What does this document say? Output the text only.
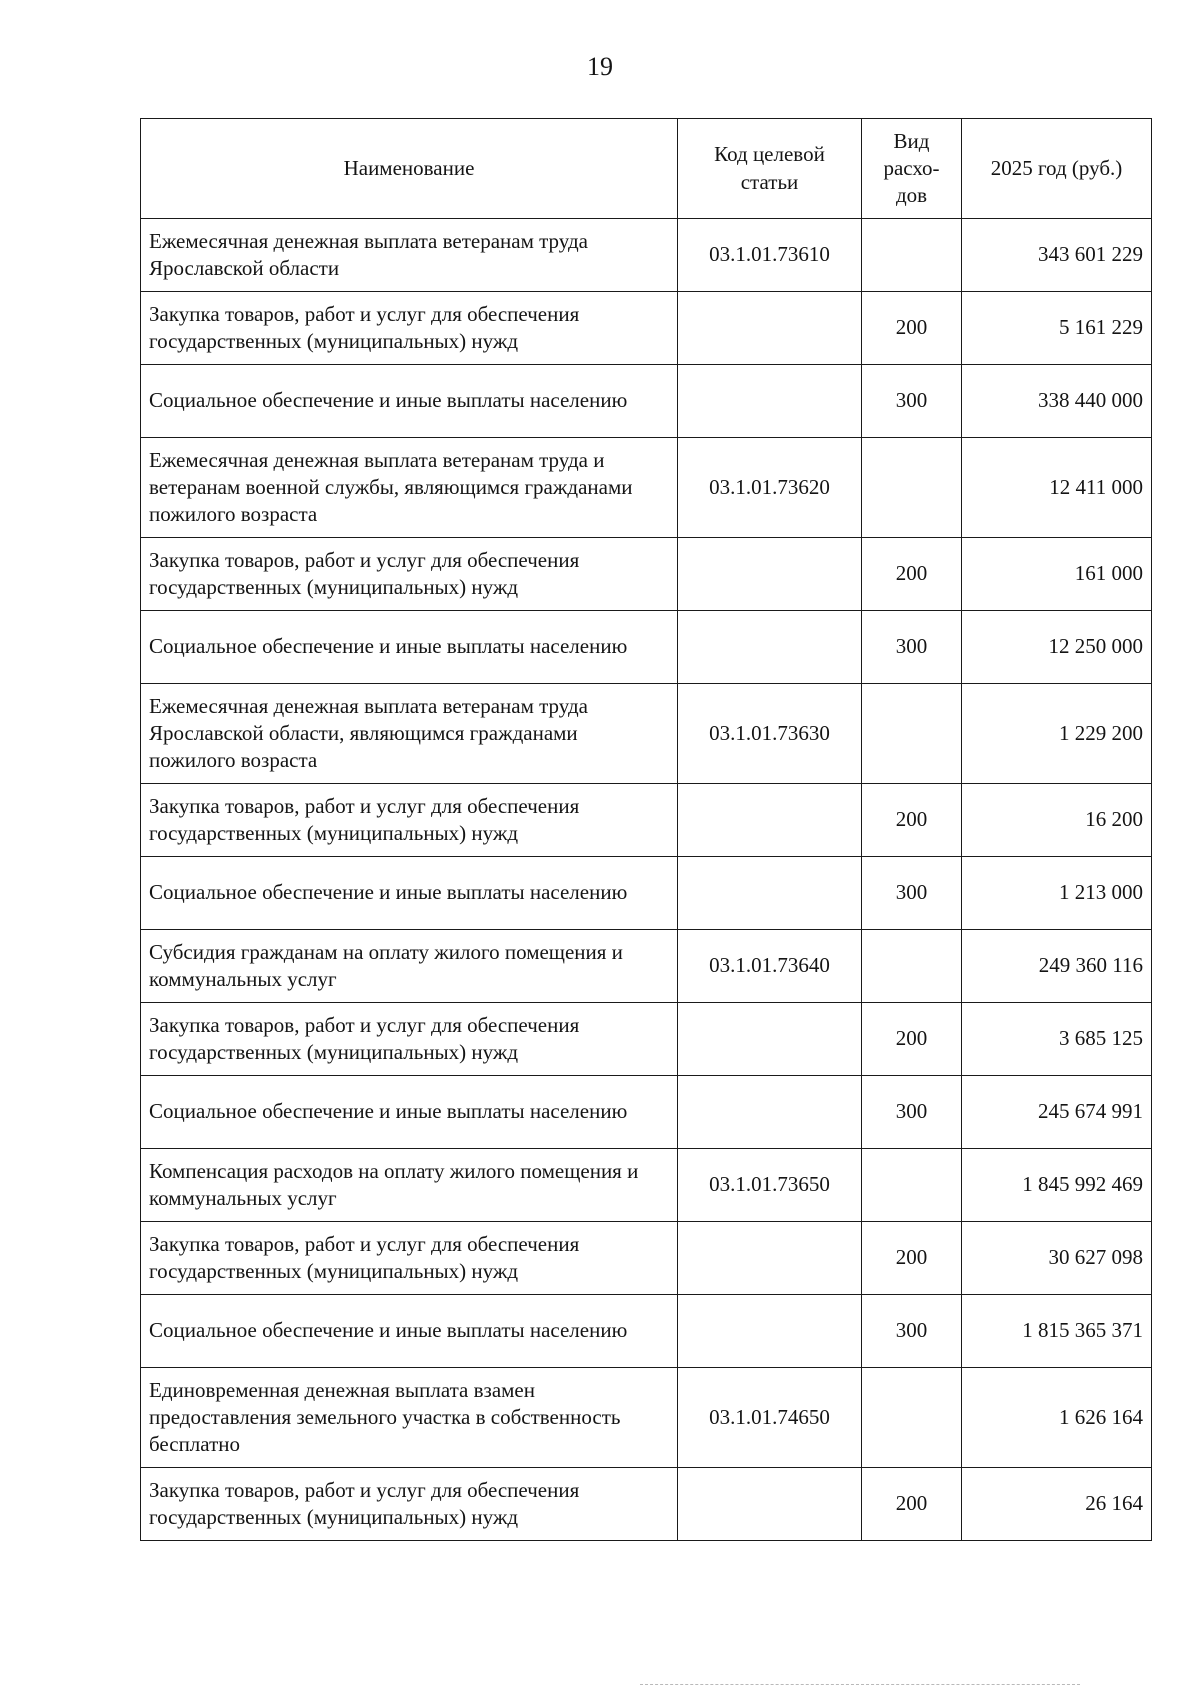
19
Наименование	Код целевой статьи	Вид расхо-дов	2025 год (руб.)
Ежемесячная денежная выплата ветеранам труда Ярославской области	03.1.01.73610		343 601 229
Закупка товаров, работ и услуг для обеспечения государственных (муниципальных) нужд		200	5 161 229
Социальное обеспечение и иные выплаты населению		300	338 440 000
Ежемесячная денежная выплата ветеранам труда и ветеранам военной службы, являющимся гражданами пожилого возраста	03.1.01.73620		12 411 000
Закупка товаров, работ и услуг для обеспечения государственных (муниципальных) нужд		200	161 000
Социальное обеспечение и иные выплаты населению		300	12 250 000
Ежемесячная денежная выплата ветеранам труда Ярославской области, являющимся гражданами пожилого возраста	03.1.01.73630		1 229 200
Закупка товаров, работ и услуг для обеспечения государственных (муниципальных) нужд		200	16 200
Социальное обеспечение и иные выплаты населению		300	1 213 000
Субсидия гражданам на оплату жилого помещения и коммунальных услуг	03.1.01.73640		249 360 116
Закупка товаров, работ и услуг для обеспечения государственных (муниципальных) нужд		200	3 685 125
Социальное обеспечение и иные выплаты населению		300	245 674 991
Компенсация расходов на оплату жилого помещения и коммунальных услуг	03.1.01.73650		1 845 992 469
Закупка товаров, работ и услуг для обеспечения государственных (муниципальных) нужд		200	30 627 098
Социальное обеспечение и иные выплаты населению		300	1 815 365 371
Единовременная денежная выплата взамен предоставления земельного участка в собственность бесплатно	03.1.01.74650		1 626 164
Закупка товаров, работ и услуг для обеспечения государственных (муниципальных) нужд		200	26 164
